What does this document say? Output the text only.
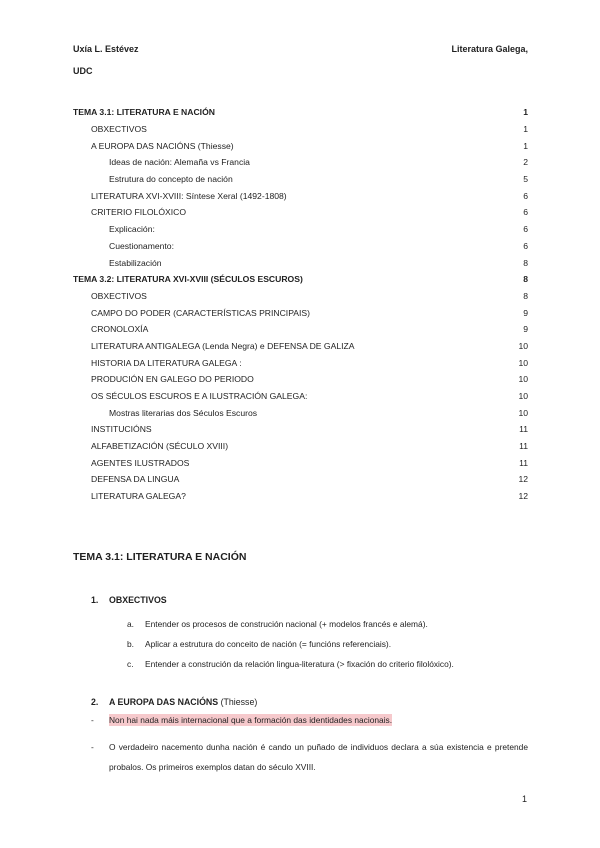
Uxía L. Estévez
UDC
Literatura Galega,
TEMA 3.1: LITERATURA E NACIÓN	1
OBXECTIVOS	1
A EUROPA DAS NACIÓNS (Thiesse)	1
Ideas de nación: Alemaña vs Francia	2
Estrutura do concepto de nación	5
LITERATURA XVI-XVIII: Síntese Xeral (1492-1808)	6
CRITERIO FILOLÓXICO	6
Explicación:	6
Cuestionamento:	6
Estabilización	8
TEMA 3.2: LITERATURA XVI-XVIII (SÉCULOS ESCUROS)	8
OBXECTIVOS	8
CAMPO DO PODER (CARACTERÍSTICAS PRINCIPAIS)	9
CRONOLOXÍA	9
LITERATURA ANTIGALEGA (Lenda Negra) e DEFENSA DE GALIZA	10
HISTORIA DA LITERATURA GALEGA :	10
PRODUCIÓN EN GALEGO DO PERIODO	10
OS SÉCULOS ESCUROS E A ILUSTRACIÓN GALEGA:	10
Mostras literarias dos Séculos Escuros	10
INSTITUCIÓNS	11
ALFABETIZACIÓN (SÉCULO XVIII)	11
AGENTES ILUSTRADOS	11
DEFENSA DA LINGUA	12
LITERATURA GALEGA?	12
TEMA 3.1: LITERATURA E NACIÓN
1. OBXECTIVOS
a.	Entender os procesos de construción nacional (+ modelos francés e alemá).
b.	Aplicar a estrutura do conceito de nación (= funcións referenciais).
c.	Entender a construción da relación lingua-literatura (> fixación do criterio filolóxico).
2. A EUROPA DAS NACIÓNS (Thiesse)
- Non hai nada máis internacional que a formación das identidades nacionais.
-	O verdadeiro nacemento dunha nación é cando un puñado de individuos declara a súa existencia e pretende probalos. Os primeiros exemplos datan do século XVIII.
1
